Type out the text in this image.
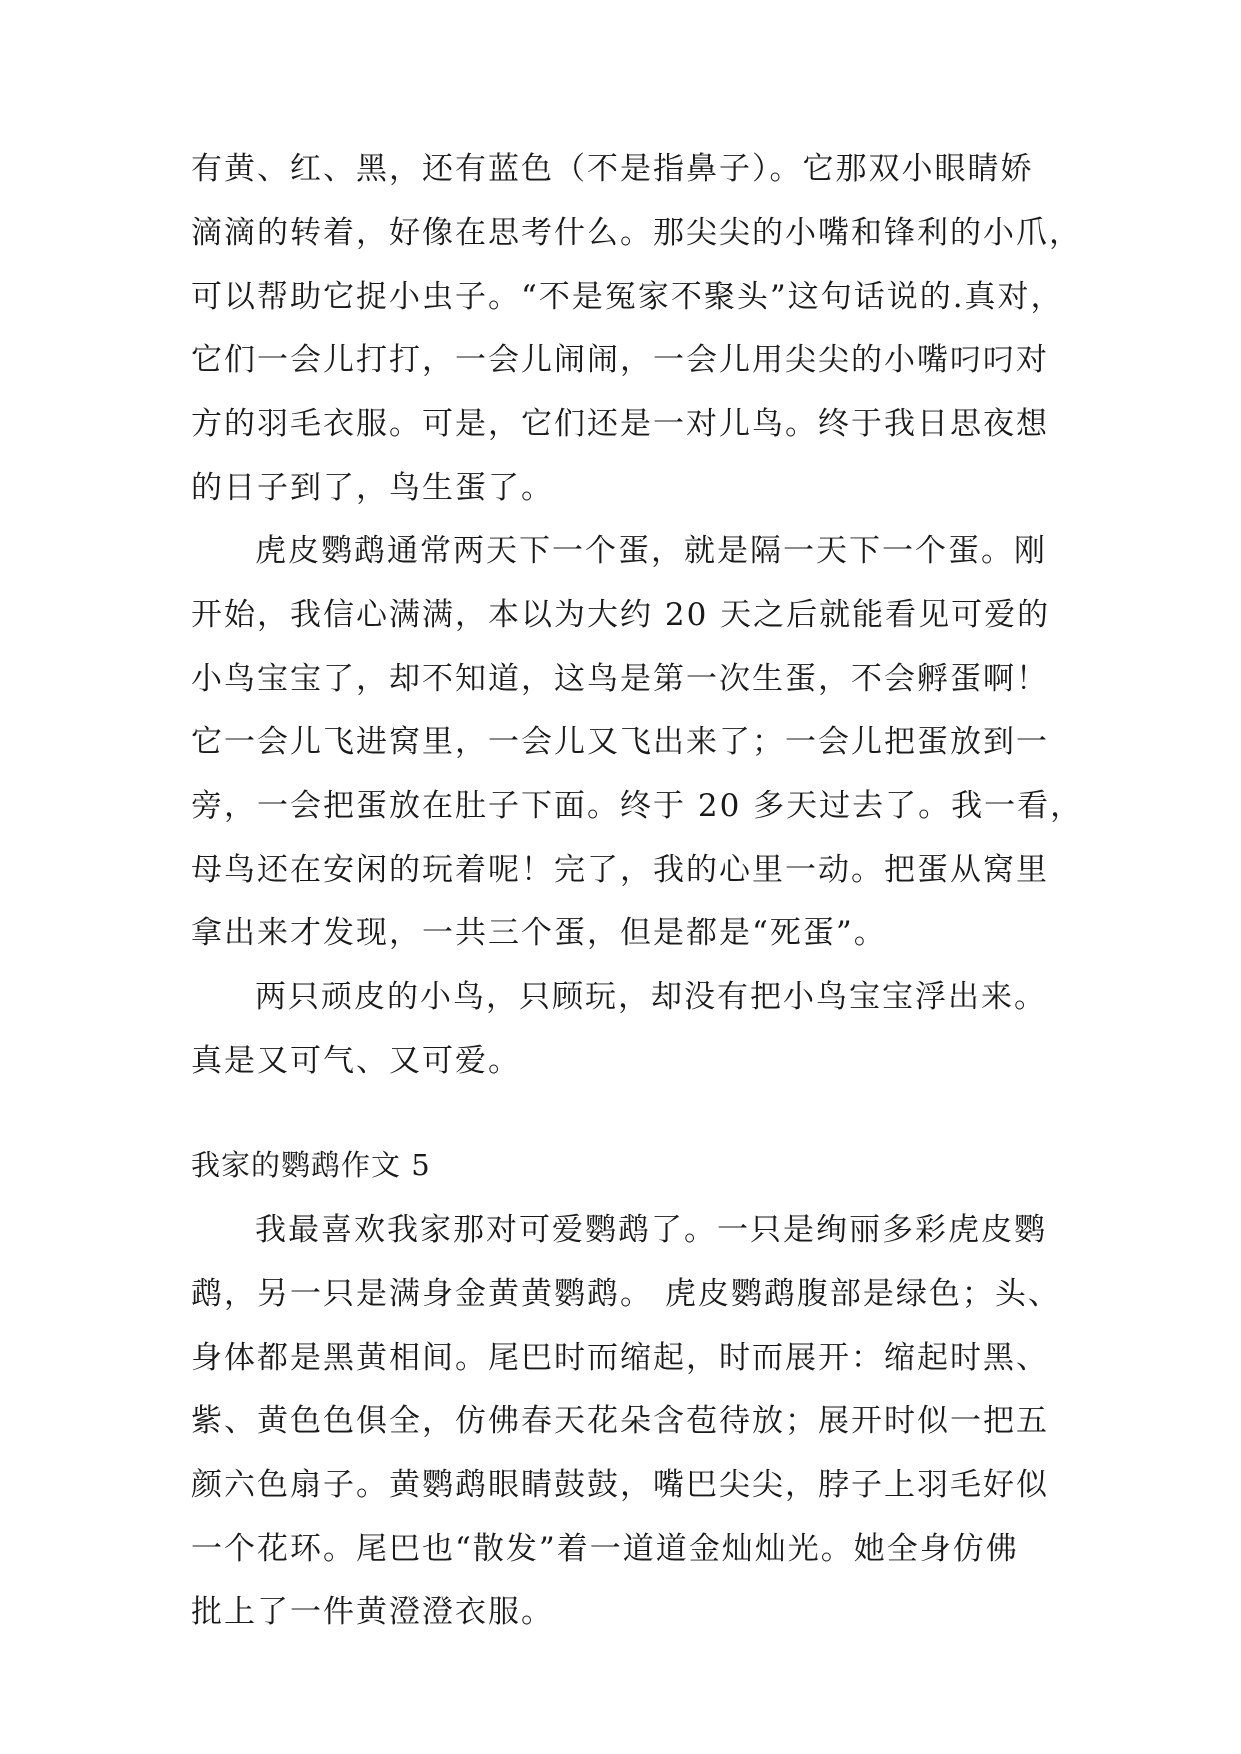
有黄、红、黑，还有蓝色（不是指鼻子）。它那双小眼睛娇
滴滴的转着，好像在思考什么。那尖尖的小嘴和锋利的小爪，
可以帮助它捉小虫子。“不是冤家不聚头”这句话说的.真对，
它们一会儿打打，一会儿闹闹，一会儿用尖尖的小嘴叼叼对
方的羽毛衣服。可是，它们还是一对儿鸟。终于我日思夜想
的日子到了，鸟生蛋了。
虎皮鹦鹉通常两天下一个蛋，就是隔一天下一个蛋。刚
开始，我信心满满，本以为大约 20 天之后就能看见可爱的
小鸟宝宝了，却不知道，这鸟是第一次生蛋，不会孵蛋啊！
它一会儿飞进窝里，一会儿又飞出来了；一会儿把蛋放到一
旁，一会把蛋放在肚子下面。终于 20 多天过去了。我一看，
母鸟还在安闲的玩着呢！完了，我的心里一动。把蛋从窝里
拿出来才发现，一共三个蛋，但是都是“死蛋”。
两只顽皮的小鸟，只顾玩，却没有把小鸟宝宝浮出来。
真是又可气、又可爱。
我家的鹦鹉作文 5
我最喜欢我家那对可爱鹦鹉了。一只是绚丽多彩虎皮鹦
鹉，另一只是满身金黄黄鹦鹉。 虎皮鹦鹉腹部是绿色；头、
身体都是黑黄相间。尾巴时而缩起，时而展开：缩起时黑、
紫、黄色色俱全，仿佛春天花朵含苞待放；展开时似一把五
颜六色扇子。黄鹦鹉眼睛鼓鼓，嘴巴尖尖，脖子上羽毛好似
一个花环。尾巴也“散发”着一道道金灿灿光。她全身仿佛
批上了一件黄澄澄衣服。
